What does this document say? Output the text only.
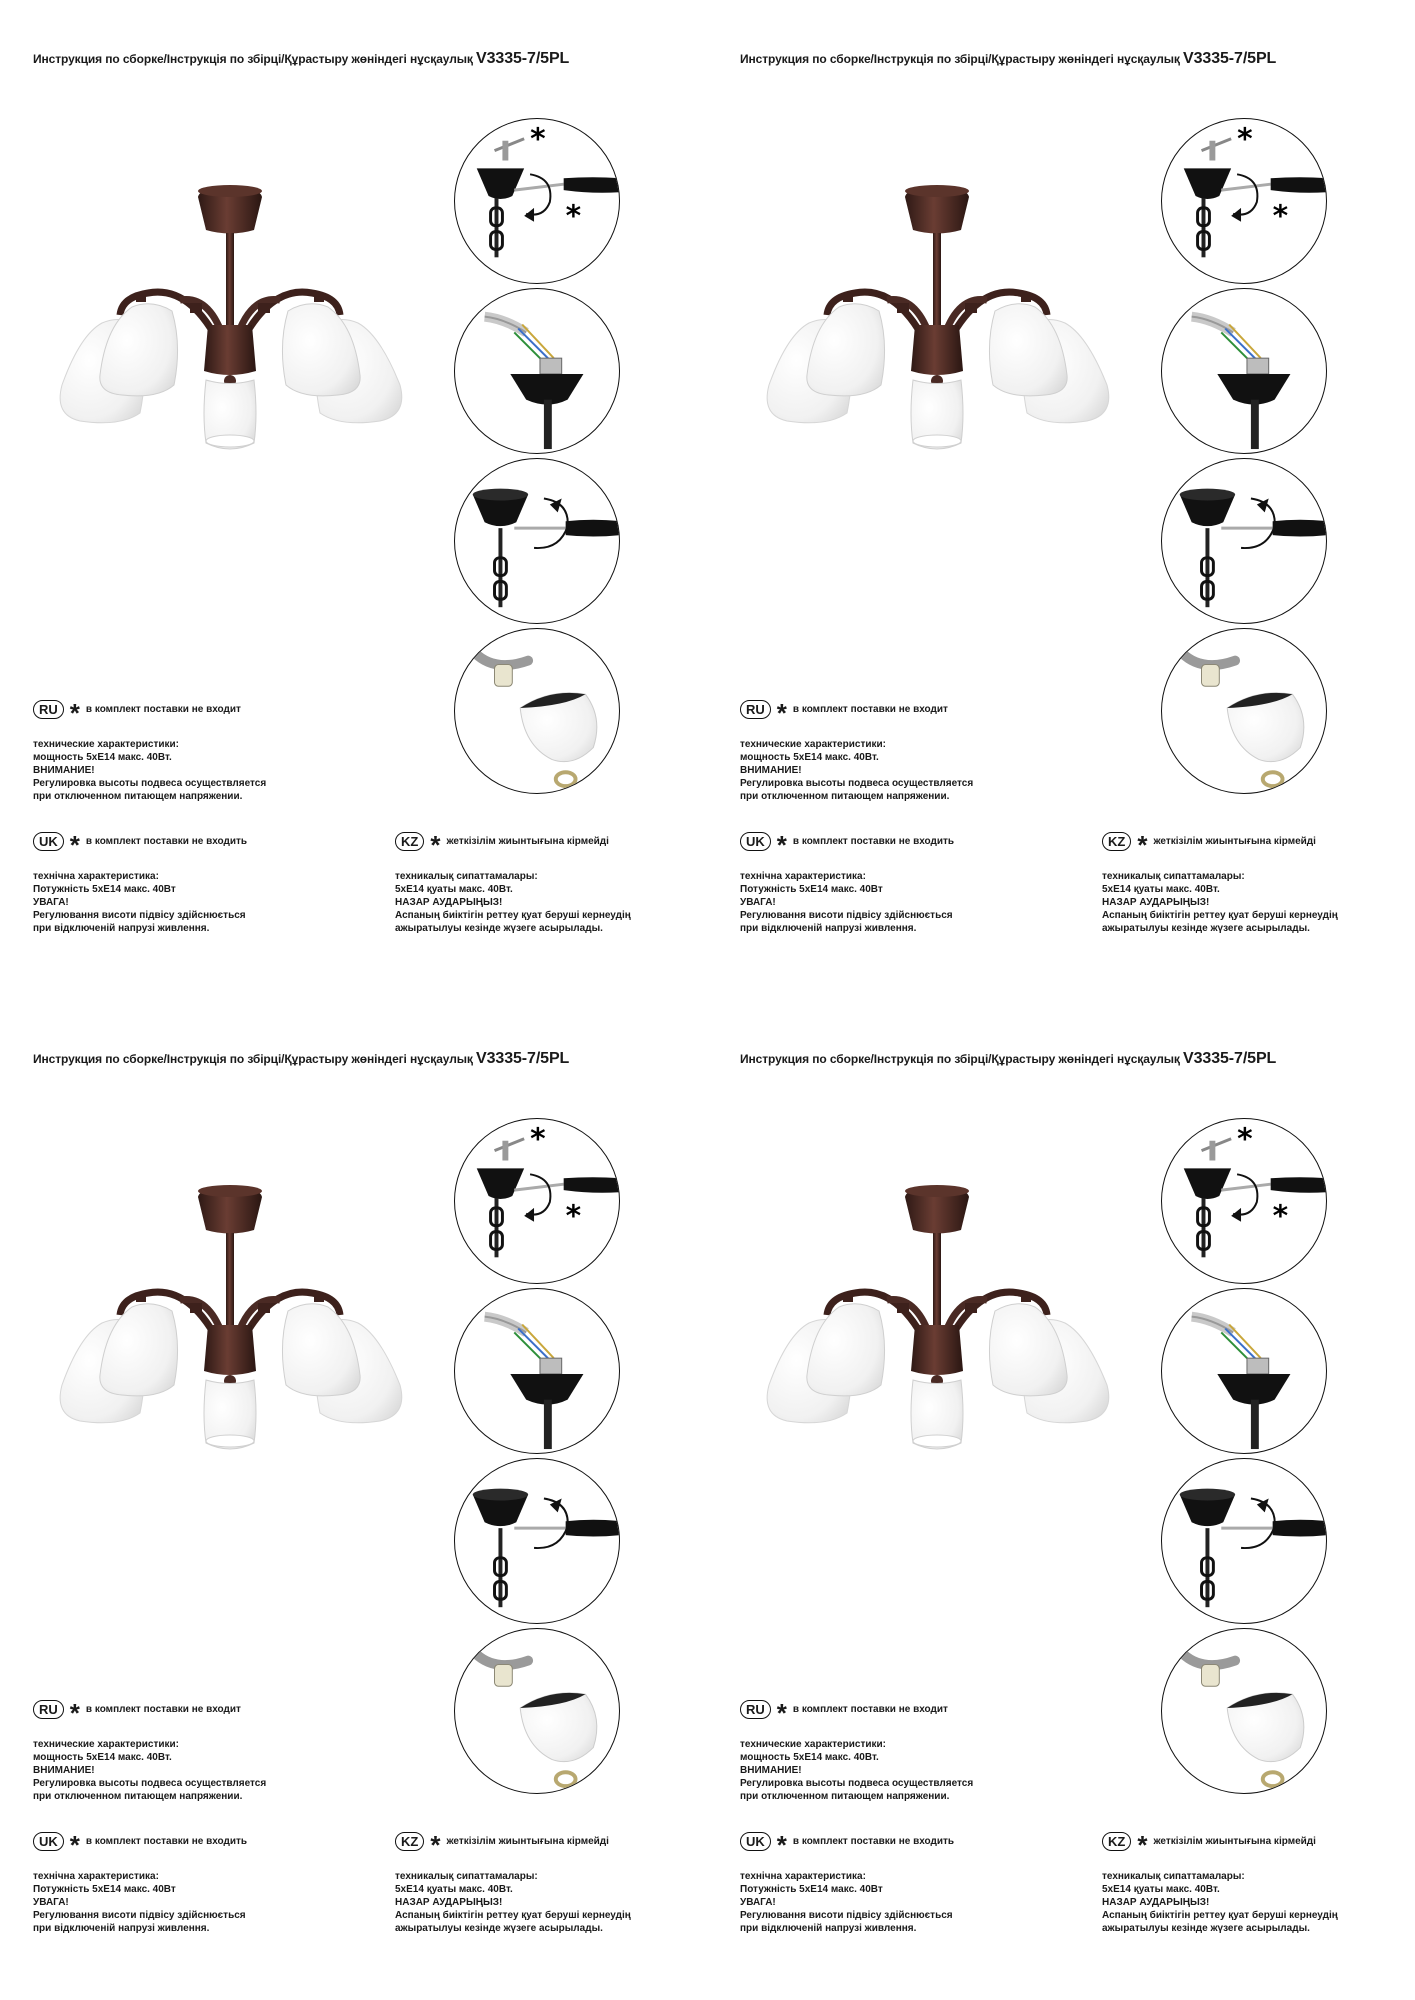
Инструкция по сборке/Інструкція по збірці/Құрастыру жөніндегі нұсқаулық V3335-7/5PL
*
*
RU * в комплект поставки не входит
технические характеристики:
мощность 5хЕ14 макс. 40Вт.
ВНИМАНИЕ!
Регулировка высоты подвеса осуществляется
при отключенном питающем напряжении.
UK * в комплект поставки не входить
технічна характеристика:
Потужність 5хЕ14 макс. 40Вт
УВАГА!
Регулювання висоти підвісу здійснюється
при відключеній напрузі живлення.
KZ * жеткізілім жиынтығына кірмейді
техникалық сипаттамалары:
5хЕ14 қуаты макс. 40Вт.
НАЗАР АУДАРЫҢЫЗ!
Аспаның биіктігін реттеу қуат беруші кернеудің
ажыратылуы кезінде жүзеге асырылады.
Инструкция по сборке/Інструкція по збірці/Құрастыру жөніндегі нұсқаулық V3335-7/5PL
*
*
RU * в комплект поставки не входит
технические характеристики:
мощность 5хЕ14 макс. 40Вт.
ВНИМАНИЕ!
Регулировка высоты подвеса осуществляется
при отключенном питающем напряжении.
UK * в комплект поставки не входить
технічна характеристика:
Потужність 5хЕ14 макс. 40Вт
УВАГА!
Регулювання висоти підвісу здійснюється
при відключеній напрузі живлення.
KZ * жеткізілім жиынтығына кірмейді
техникалық сипаттамалары:
5хЕ14 қуаты макс. 40Вт.
НАЗАР АУДАРЫҢЫЗ!
Аспаның биіктігін реттеу қуат беруші кернеудің
ажыратылуы кезінде жүзеге асырылады.
Инструкция по сборке/Інструкція по збірці/Құрастыру жөніндегі нұсқаулық V3335-7/5PL
*
*
RU * в комплект поставки не входит
технические характеристики:
мощность 5хЕ14 макс. 40Вт.
ВНИМАНИЕ!
Регулировка высоты подвеса осуществляется
при отключенном питающем напряжении.
UK * в комплект поставки не входить
технічна характеристика:
Потужність 5хЕ14 макс. 40Вт
УВАГА!
Регулювання висоти підвісу здійснюється
при відключеній напрузі живлення.
KZ * жеткізілім жиынтығына кірмейді
техникалық сипаттамалары:
5хЕ14 қуаты макс. 40Вт.
НАЗАР АУДАРЫҢЫЗ!
Аспаның биіктігін реттеу қуат беруші кернеудің
ажыратылуы кезінде жүзеге асырылады.
Инструкция по сборке/Інструкція по збірці/Құрастыру жөніндегі нұсқаулық V3335-7/5PL
*
*
RU * в комплект поставки не входит
технические характеристики:
мощность 5хЕ14 макс. 40Вт.
ВНИМАНИЕ!
Регулировка высоты подвеса осуществляется
при отключенном питающем напряжении.
UK * в комплект поставки не входить
технічна характеристика:
Потужність 5хЕ14 макс. 40Вт
УВАГА!
Регулювання висоти підвісу здійснюється
при відключеній напрузі живлення.
KZ * жеткізілім жиынтығына кірмейді
техникалық сипаттамалары:
5хЕ14 қуаты макс. 40Вт.
НАЗАР АУДАРЫҢЫЗ!
Аспаның биіктігін реттеу қуат беруші кернеудің
ажыратылуы кезінде жүзеге асырылады.
